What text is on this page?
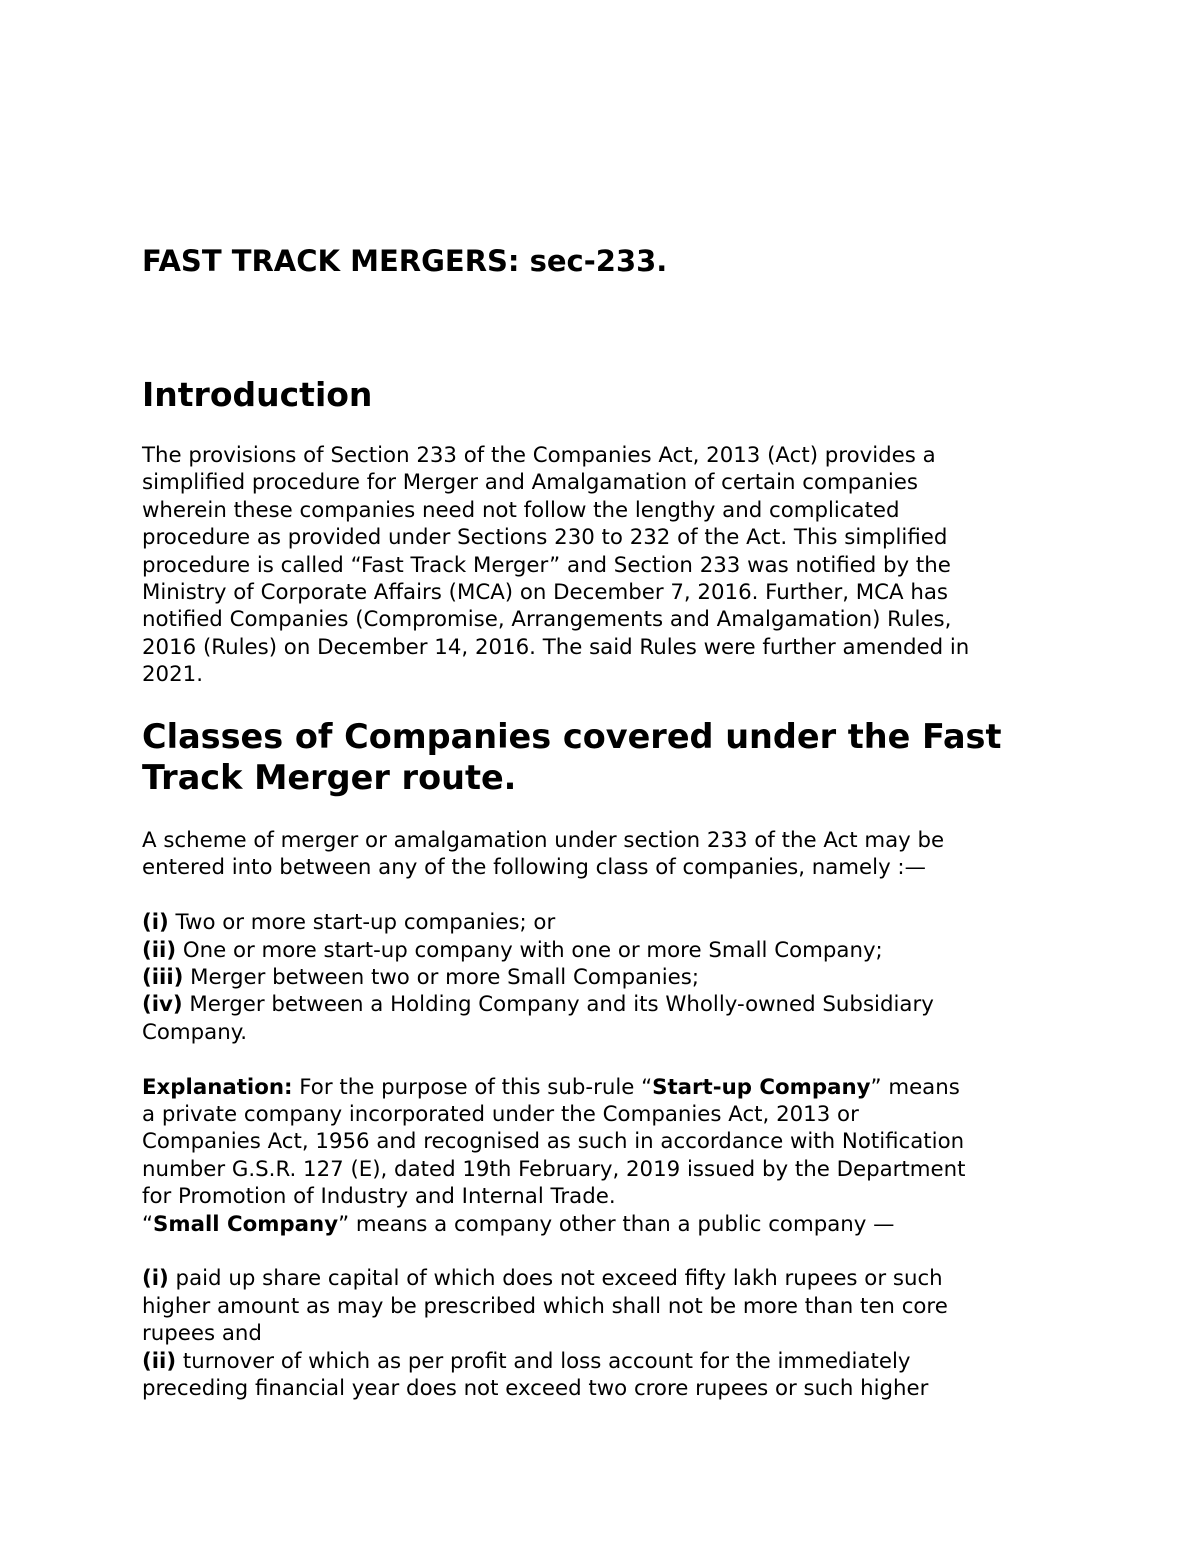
FAST TRACK MERGERS: sec-233.
Introduction
The provisions of Section 233 of the Companies Act, 2013 (Act) provides a
simplified procedure for Merger and Amalgamation of certain companies
wherein these companies need not follow the lengthy and complicated
procedure as provided under Sections 230 to 232 of the Act. This simplified
procedure is called “Fast Track Merger” and Section 233 was notified by the
Ministry of Corporate Affairs (MCA) on December 7, 2016. Further, MCA has
notified Companies (Compromise, Arrangements and Amalgamation) Rules,
2016 (Rules) on December 14, 2016. The said Rules were further amended in
2021.
Classes of Companies covered under the Fast
Track Merger route.
A scheme of merger or amalgamation under section 233 of the Act may be
entered into between any of the following class of companies, namely :—
(i) Two or more start-up companies; or
(ii) One or more start-up company with one or more Small Company;
(iii) Merger between two or more Small Companies;
(iv) Merger between a Holding Company and its Wholly-owned Subsidiary
Company.
Explanation: For the purpose of this sub-rule “Start-up Company” means
a private company incorporated under the Companies Act, 2013 or
Companies Act, 1956 and recognised as such in accordance with Notification
number G.S.R. 127 (E), dated 19th February, 2019 issued by the Department
for Promotion of Industry and Internal Trade.
“Small Company” means a company other than a public company —
(i) paid up share capital of which does not exceed fifty lakh rupees or such
higher amount as may be prescribed which shall not be more than ten core
rupees and
(ii) turnover of which as per profit and loss account for the immediately
preceding financial year does not exceed two crore rupees or such higher
